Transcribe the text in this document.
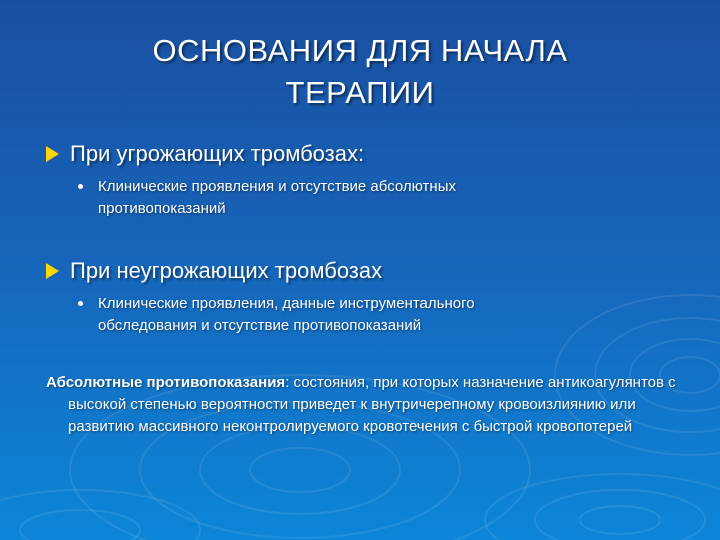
ОСНОВАНИЯ ДЛЯ НАЧАЛА
ТЕРАПИИ
При угрожающих тромбозах:
Клинические проявления и отсутствие абсолютных
противопоказаний
При неугрожающих тромбозах
Клинические проявления, данные инструментального
обследования и отсутствие противопоказаний
Абсолютные противопоказания: состояния, при которых назначение антикоагулянтов с высокой степенью вероятности приведет к внутричерепному кровоизлиянию или развитию массивного неконтролируемого кровотечения с быстрой кровопотерей
